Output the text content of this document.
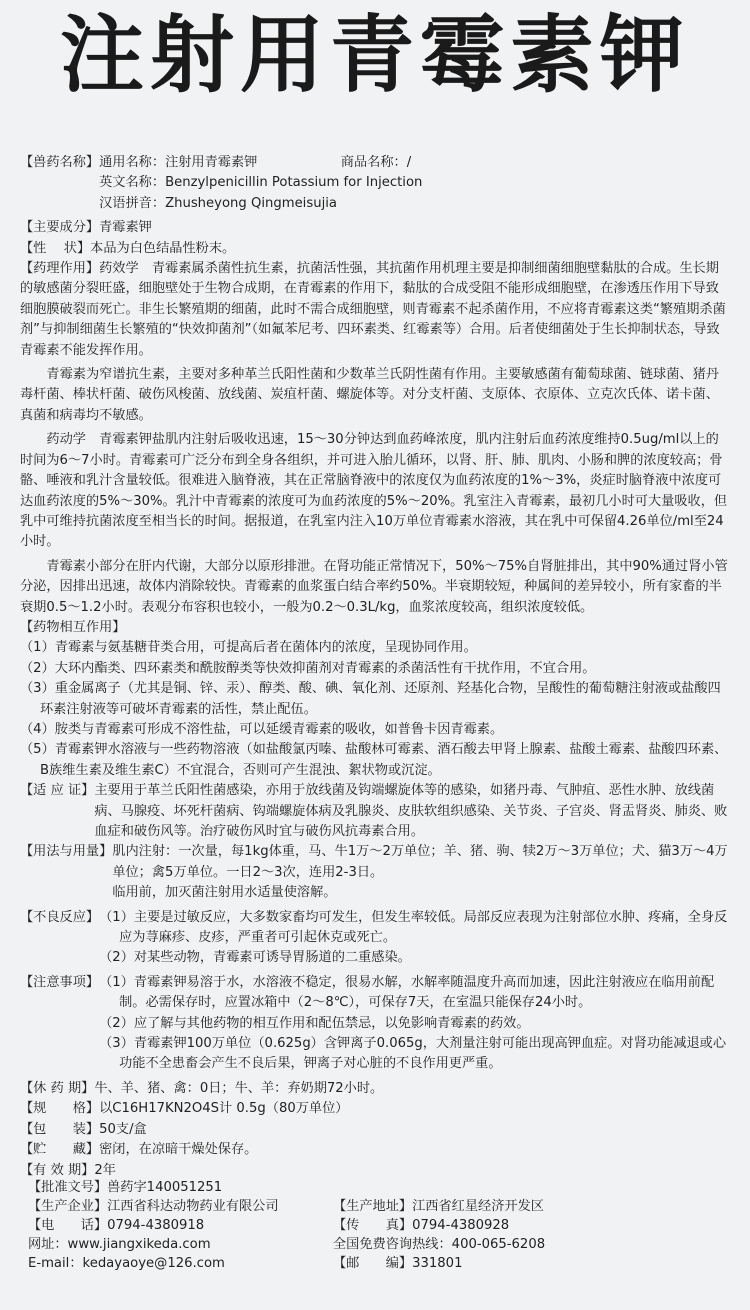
注射用青霉素钾
【兽药名称】 通用名称：注射用青霉素钾	商品名称：/
英文名称：Benzylpenicillin Potassium for Injection
汉语拼音：Zhusheyong Qingmeisujia

【主要成分】青霉素钾

【性　 状】本品为白色结晶性粉末。

【药理作用】药效学　青霉素属杀菌性抗生素，抗菌活性强，其抗菌作用机理主要是抑制细菌细胞壁黏肽的合成。生长期的敏感菌分裂旺盛，细胞壁处于生物合成期，在青霉素的作用下，黏肽的合成受阻不能形成细胞壁，在渗透压作用下导致细胞膜破裂而死亡。非生长繁殖期的细菌，此时不需合成细胞壁，则青霉素不起杀菌作用，不应将青霉素这类“繁殖期杀菌剂”与抑制细菌生长繁殖的“快效抑菌剂”（如氟苯尼考、四环素类、红霉素等）合用。后者使细菌处于生长抑制状态，导致青霉素不能发挥作用。

青霉素为窄谱抗生素，主要对多种革兰氏阳性菌和少数革兰氏阴性菌有作用。主要敏感菌有葡萄球菌、链球菌、猪丹毒杆菌、棒状杆菌、破伤风梭菌、放线菌、炭疽杆菌、螺旋体等。对分支杆菌、支原体、衣原体、立克次氏体、诺卡菌、真菌和病毒均不敏感。

药动学　青霉素钾盐肌内注射后吸收迅速，15～30分钟达到血药峰浓度，肌内注射后血药浓度维持0.5ug/ml以上的时间为6～7小时。青霉素可广泛分布到全身各组织，并可进入胎儿循环，以肾、肝、肺、肌肉、小肠和脾的浓度较高；骨骼、唾液和乳汁含量较低。很难进入脑脊液，其在正常脑脊液中的浓度仅为血药浓度的1%～3%，炎症时脑脊液中浓度可达血药浓度的5%～30%。乳汁中青霉素的浓度可为血药浓度的5%～20%。乳室注入青霉素，最初几小时可大量吸收，但乳中可维持抗菌浓度至相当长的时间。据报道，在乳室内注入10万单位青霉素水溶液，其在乳中可保留4.26单位/ml至24小时。

青霉素小部分在肝内代谢，大部分以原形排泄。在肾功能正常情况下，50%～75%自肾脏排出，其中90%通过肾小管分泌，因排出迅速，故体内消除较快。青霉素的血浆蛋白结合率约50%。半衰期较短，种属间的差异较小，所有家畜的半衰期0.5～1.2小时。表观分布容积也较小，一般为0.2～0.3L/kg，血浆浓度较高，组织浓度较低。

【药物相互作用】

（1）青霉素与氨基糖苷类合用，可提高后者在菌体内的浓度，呈现协同作用。

（2）大环内酯类、四环素类和酰胺醇类等快效抑菌剂对青霉素的杀菌活性有干扰作用，不宜合用。

（3）重金属离子（尤其是铜、锌、汞）、醇类、酸、碘、氧化剂、还原剂、羟基化合物，呈酸性的葡萄糖注射液或盐酸四环素注射液等可破坏青霉素的活性，禁止配伍。

（4）胺类与青霉素可形成不溶性盐，可以延缓青霉素的吸收，如普鲁卡因青霉素。

（5）青霉素钾水溶液与一些药物溶液（如盐酸氯丙嗪、盐酸林可霉素、酒石酸去甲肾上腺素、盐酸土霉素、盐酸四环素、B族维生素及维生素C）不宜混合，否则可产生混浊、絮状物或沉淀。

【适 应 证】 主要用于革兰氏阳性菌感染，亦用于放线菌及钩端螺旋体等的感染，如猪丹毒、气肿疽、恶性水肿、放线菌病、马腺疫、坏死杆菌病、钩端螺旋体病及乳腺炎、皮肤软组织感染、关节炎、子宫炎、肾盂肾炎、肺炎、败血症和破伤风等。治疗破伤风时宜与破伤风抗毒素合用。
【用法与用量】 肌内注射：一次量，每1kg体重，马、牛1万～2万单位；羊、猪、驹、犊2万～3万单位；犬、猫3万～4万单位；禽5万单位。一日2～3次，连用2-3日。

临用前，加灭菌注射用水适量使溶解。

【不良反应】 （1）主要是过敏反应，大多数家畜均可发生，但发生率较低。局部反应表现为注射部位水肿、疼痛，全身反应为荨麻疹、皮疹，严重者可引起休克或死亡。

（2）对某些动物，青霉素可诱导胃肠道的二重感染。

【注意事项】 （1）青霉素钾易溶于水，水溶液不稳定，很易水解，水解率随温度升高而加速，因此注射液应在临用前配制。必需保存时，应置冰箱中（2～8℃），可保存7天，在室温只能保存24小时。

（2）应了解与其他药物的相互作用和配伍禁忌，以免影响青霉素的药效。

（3）青霉素钾100万单位（0.625g）含钾离子0.065g，大剂量注射可能出现高钾血症。对肾功能减退或心功能不全患畜会产生不良后果，钾离子对心脏的不良作用更严重。

【休 药 期】牛、羊、猪、禽：0日；牛、羊：弃奶期72小时。

【规　　格】以C16H17KN2O4S计 0.5g（80万单位）

【包　　装】50支/盒

【贮　　藏】密闭，在凉暗干燥处保存。

【有 效 期】2年

【批准文号】兽药字140051251

【生产企业】江西省科达动物药业有限公司

【电　　话】0794-4380918

网址：www.jiangxikeda.com

E-mail：kedayaoye@126.com

【生产地址】江西省红星经济开发区

【传　　真】0794-4380928

全国免费咨询热线：400-065-6208

【邮　　编】331801
